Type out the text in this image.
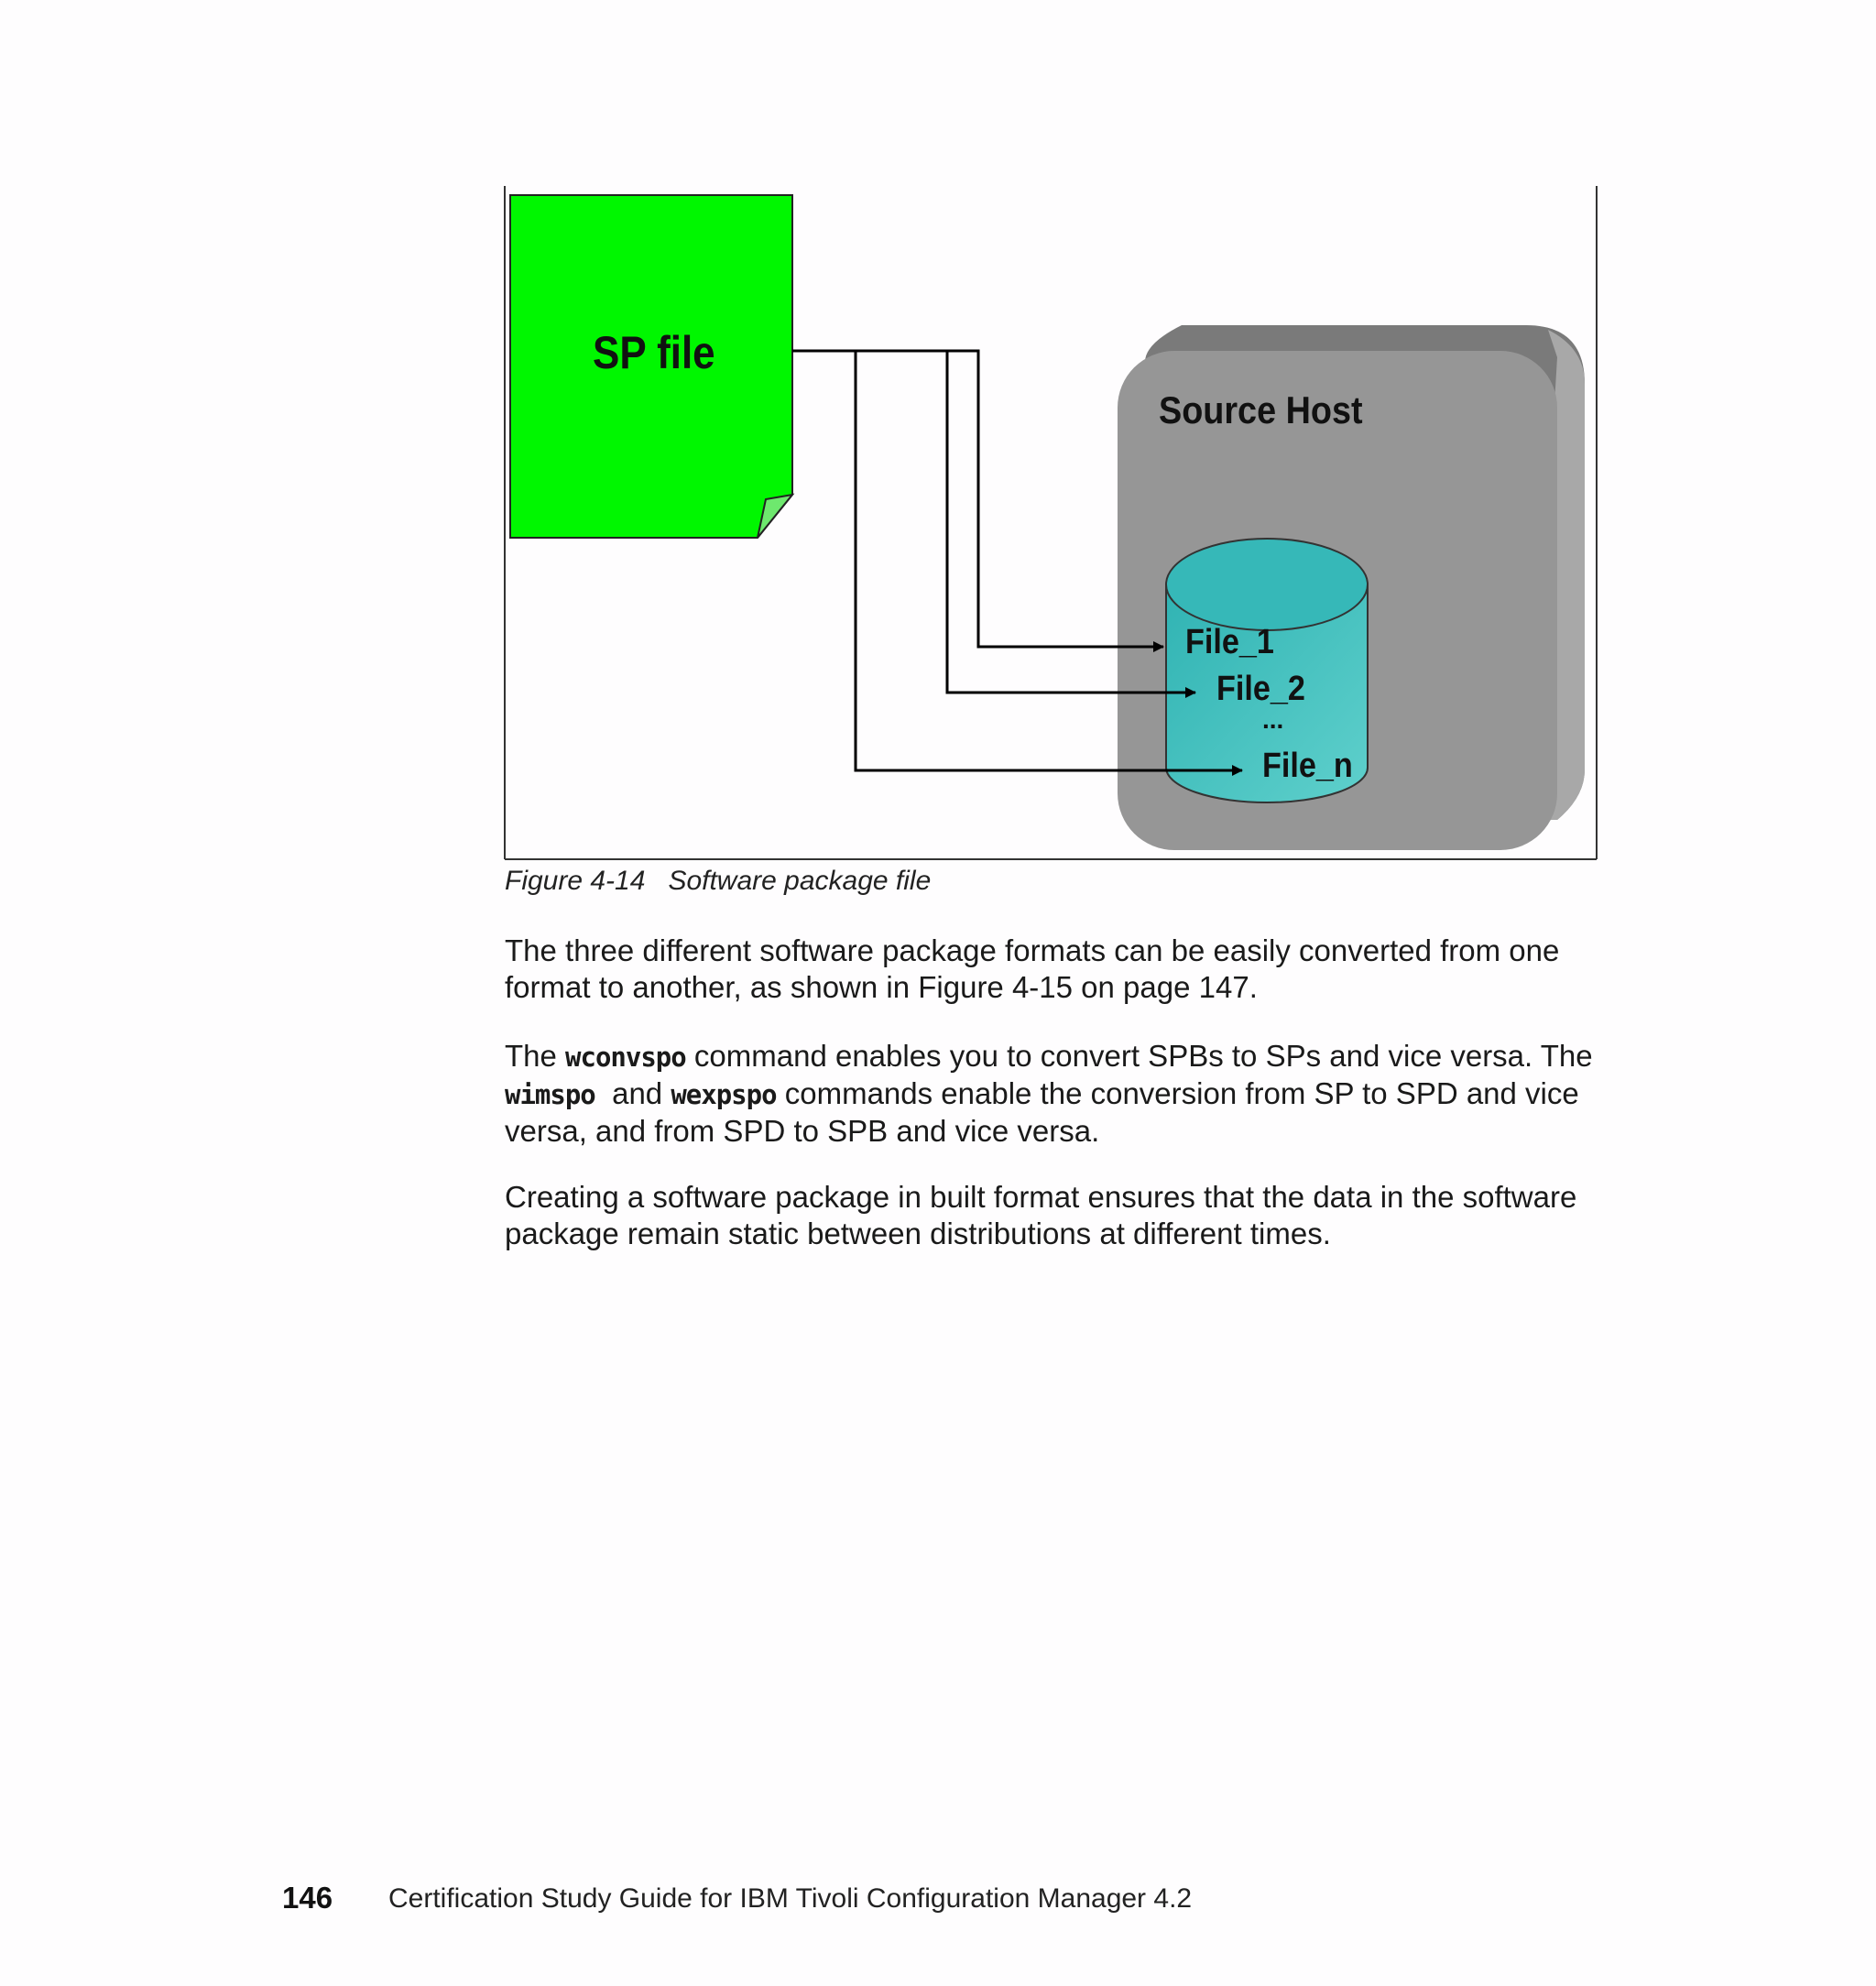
Source Host
SP file
File_1
File_2
...
File_n
Figure 4-14 Software package file
The three different software package formats can be easily converted from one format to another, as shown in Figure 4-15 on page 147.
The wconvspo command enables you to convert SPBs to SPs and vice versa. The wimspo  and wexpspo commands enable the conversion from SP to SPD and vice versa, and from SPD to SPB and vice versa.
Creating a software package in built format ensures that the data in the software package remain static between distributions at different times.
146 Certification Study Guide for IBM Tivoli Configuration Manager 4.2
